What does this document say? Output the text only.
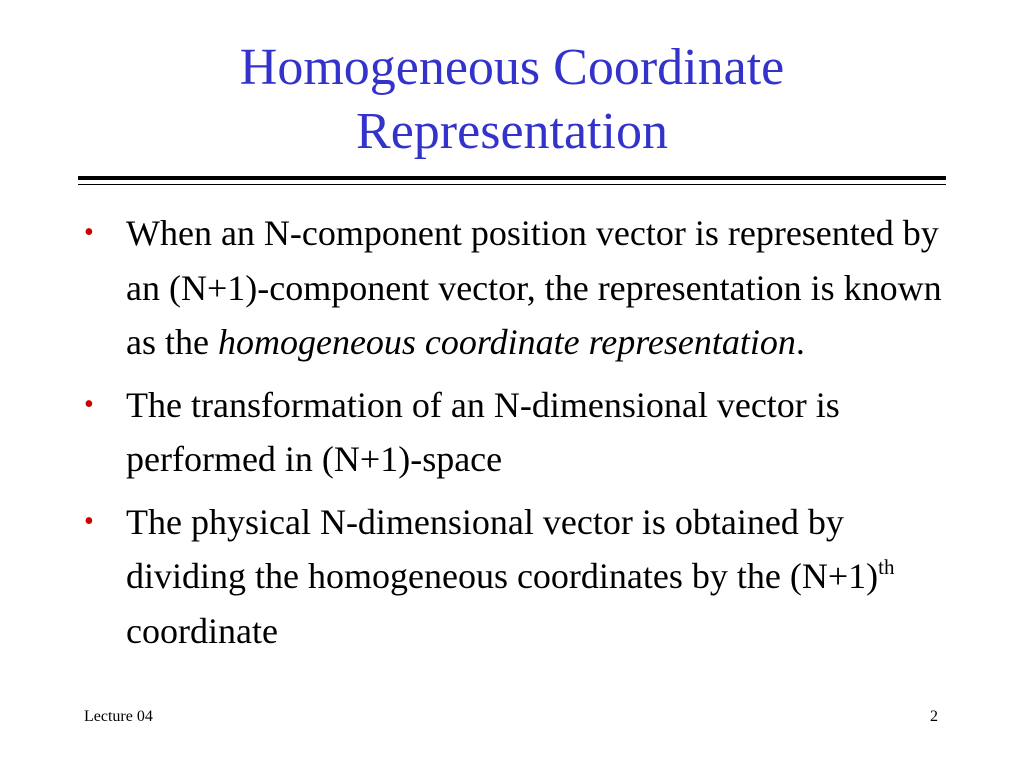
Homogeneous Coordinate
Representation
• When an N-component position vector is represented by an (N+1)-component vector, the representation is known as the homogeneous coordinate representation.
• The transformation of an N-dimensional vector is performed in (N+1)-space
• The physical N-dimensional vector is obtained by dividing the homogeneous coordinates by the $(N+1)^{th}$ coordinate
Lecture 04	2
